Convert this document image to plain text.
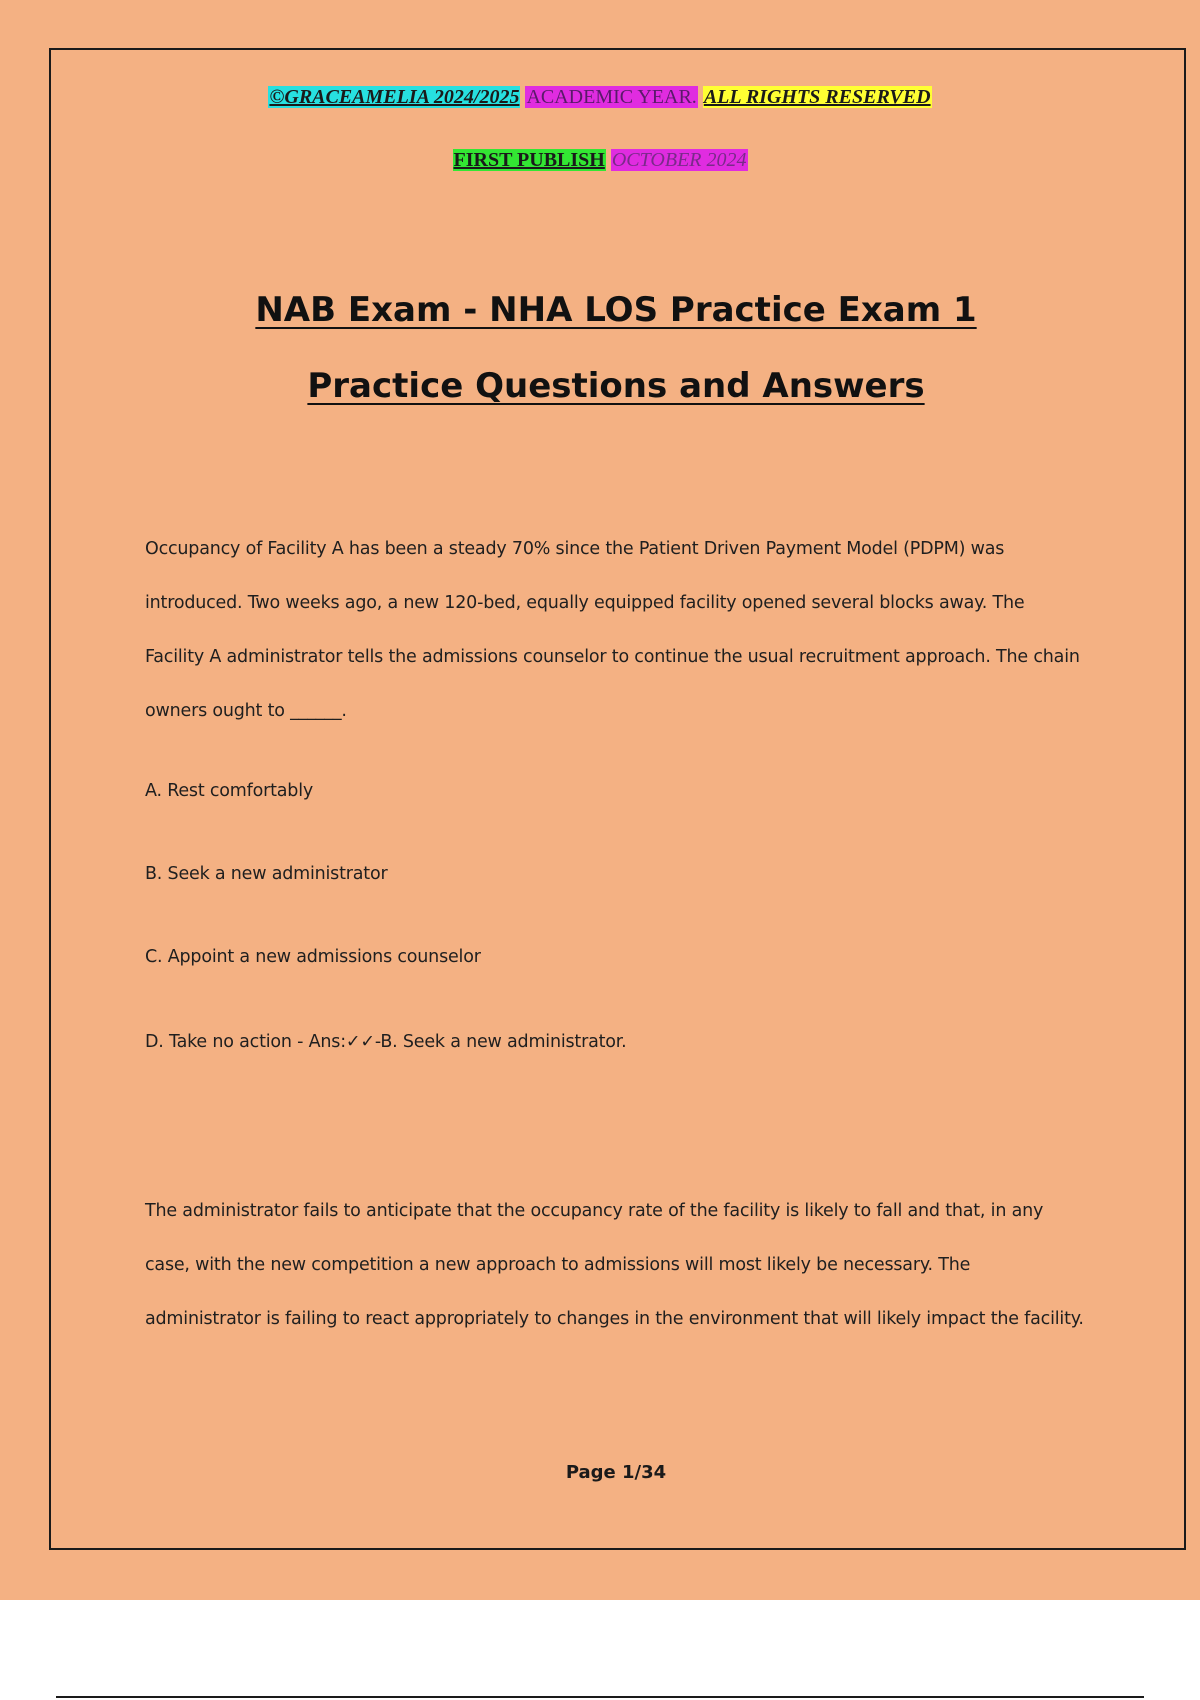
©GRACEAMELIA 2024/2025 ACADEMIC YEAR. ALL RIGHTS RESERVED
FIRST PUBLISH OCTOBER 2024
NAB Exam - NHA LOS Practice Exam 1
Practice Questions and Answers

Occupancy of Facility A has been a steady 70% since the Patient Driven Payment Model (PDPM) was introduced. Two weeks ago, a new 120-bed, equally equipped facility opened several blocks away. The Facility A administrator tells the admissions counselor to continue the usual recruitment approach. The chain owners ought to ______.

A. Rest comfortably
B. Seek a new administrator
C. Appoint a new admissions counselor
D. Take no action - Ans:✓✓-B. Seek a new administrator.

The administrator fails to anticipate that the occupancy rate of the facility is likely to fall and that, in any case, with the new competition a new approach to admissions will most likely be necessary. The administrator is failing to react appropriately to changes in the environment that will likely impact the facility.

Page 1/34
